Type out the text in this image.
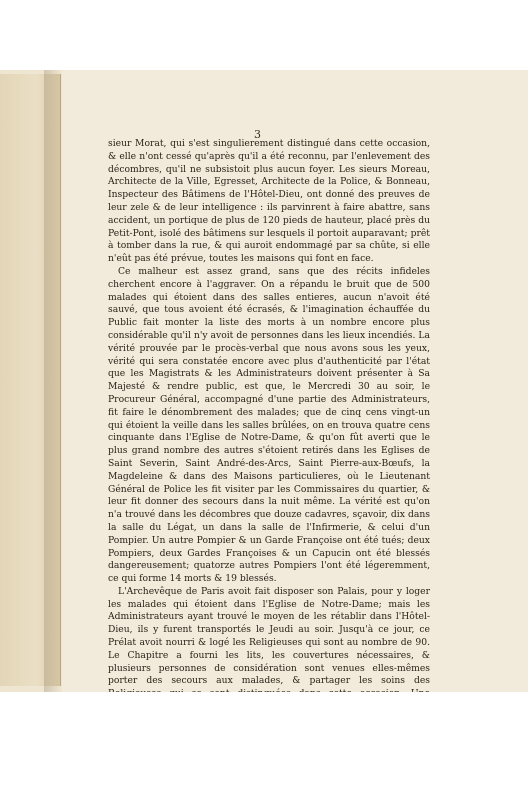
3

sieur Morat, qui s'est singulierement distingué dans cette occasion, & elle n'ont cessé qu'après qu'il a été reconnu, par l'enlevement des décombres, qu'il ne subsistoit plus aucun foyer. Les sieurs Moreau, Architecte de la Ville, Egresset, Architecte de la Police, & Bonneau, Inspecteur des Bâtimens de l'Hôtel-Dieu, ont donné des preuves de leur zele & de leur intelligence : ils parvinrent à faire abattre, sans accident, un portique de plus de 120 pieds de hauteur, placé près du Petit-Pont, isolé des bâtimens sur lesquels il portoit auparavant; prêt à tomber dans la rue, & qui auroit endommagé par sa chûte, si elle n'eût pas été prévue, toutes les maisons qui font en face.

Ce malheur est assez grand, sans que des récits infideles cherchent encore à l'aggraver. On a répandu le bruit que de 500 malades qui étoient dans des salles entieres, aucun n'avoit été sauvé, que tous avoient été écrasés, & l'imagination échauffée du Public fait monter la liste des morts à un nombre encore plus considérable qu'il n'y avoit de personnes dans les lieux incendiés. La vérité prouvée par le procès-verbal que nous avons sous les yeux, vérité qui sera constatée encore avec plus d'authenticité par l'état que les Magistrats & les Administrateurs doivent présenter à Sa Majesté & rendre public, est que, le Mercredi 30 au soir, le Procureur Général, accompagné d'une partie des Administrateurs, fit faire le dénombrement des malades; que de cinq cens vingt-un qui étoient la veille dans les salles brûlées, on en trouva quatre cens cinquante dans l'Eglise de Notre-Dame, & qu'on fût averti que le plus grand nombre des autres s'étoient retirés dans les Eglises de Saint Severin, Saint André-des-Arcs, Saint Pierre-aux-Bœufs, la Magdeleine & dans des Maisons particulieres, où le Lieutenant Général de Police les fit visiter par les Commissaires du quartier, & leur fit donner des secours dans la nuit même. La vérité est qu'on n'a trouvé dans les décombres que douze cadavres, sçavoir, dix dans la salle du Légat, un dans la salle de l'Infirmerie, & celui d'un Pompier. Un autre Pompier & un Garde Françoise ont été tués; deux Pompiers, deux Gardes Françoises & un Capucin ont été blessés dangereusement; quatorze autres Pompiers l'ont été légeremment, ce qui forme 14 morts & 19 blessés.

L'Archevêque de Paris avoit fait disposer son Palais, pour y loger les malades qui étoient dans l'Eglise de Notre-Dame; mais les Administrateurs ayant trouvé le moyen de les rétablir dans l'Hôtel-Dieu, ils y furent transportés le Jeudi au soir. Jusqu'à ce jour, ce Prélat avoit nourri & logé les Religieuses qui sont au nombre de 90. Le Chapitre a fourni les lits, les couvertures nécessaires, & plusieurs personnes de considération sont venues elles-mêmes porter des secours aux malades, & partager les soins des
